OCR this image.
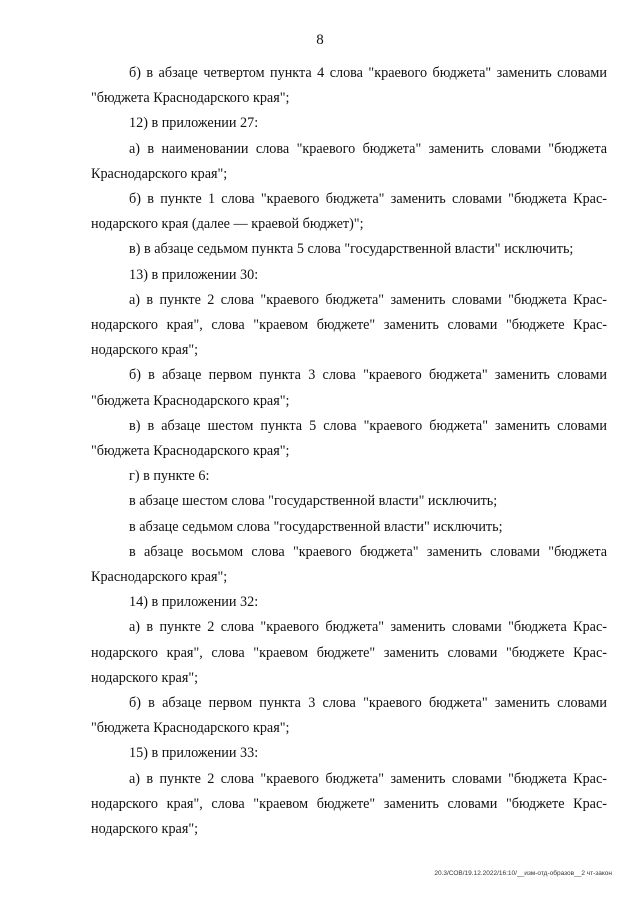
8
б) в абзаце четвертом пункта 4 слова "краевого бюджета" заменить словами
"бюджета Краснодарского края";
12) в приложении 27:
а) в наименовании слова "краевого бюджета" заменить словами "бюджета
Краснодарского края";
б) в пункте 1 слова "краевого бюджета" заменить словами "бюджета Крас-
нодарского края (далее — краевой бюджет)";
в) в абзаце седьмом пункта 5 слова "государственной власти" исключить;
13) в приложении 30:
а) в пункте 2 слова "краевого бюджета" заменить словами "бюджета Крас-
нодарского края", слова "краевом бюджете" заменить словами "бюджете Крас-
нодарского края";
б) в абзаце первом пункта 3 слова "краевого бюджета" заменить словами
"бюджета Краснодарского края";
в) в абзаце шестом пункта 5 слова "краевого бюджета" заменить словами
"бюджета Краснодарского края";
г) в пункте 6:
в абзаце шестом слова "государственной власти" исключить;
в абзаце седьмом слова "государственной власти" исключить;
в абзаце восьмом слова "краевого бюджета" заменить словами "бюджета
Краснодарского края";
14) в приложении 32:
а) в пункте 2 слова "краевого бюджета" заменить словами "бюджета Крас-
нодарского края", слова "краевом бюджете" заменить словами "бюджете Крас-
нодарского края";
б) в абзаце первом пункта 3 слова "краевого бюджета" заменить словами
"бюджета Краснодарского края";
15) в приложении 33:
а) в пункте 2 слова "краевого бюджета" заменить словами "бюджета Крас-
нодарского края", слова "краевом бюджете" заменить словами "бюджете Крас-
нодарского края";
20.3/СОВ/19.12.2022/16:10/__изм-отд-образов__2 чт-закон
